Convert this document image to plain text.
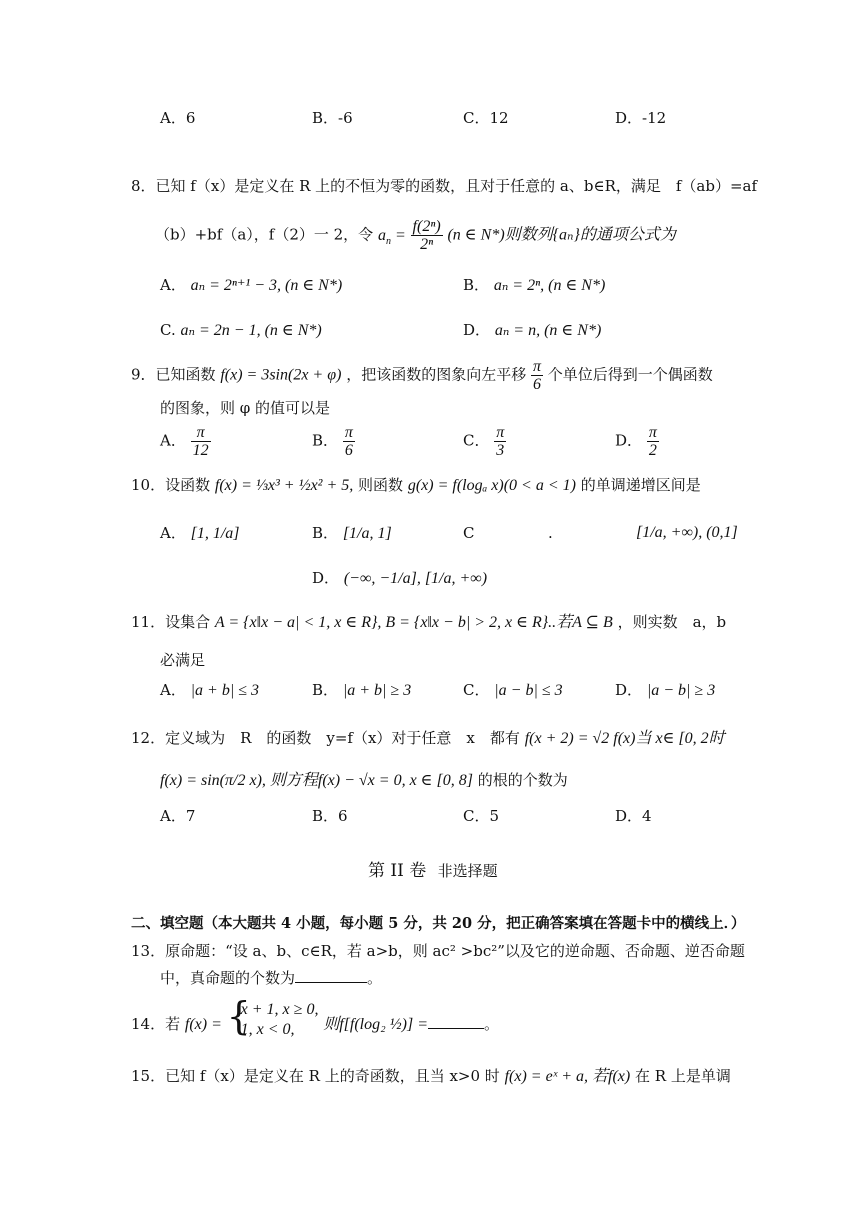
A．6	B．-6	C．12	D．-12
8．已知 f（x）是定义在 R 上的不恒为零的函数，且对于任意的 a、b∈R，满足　f（ab）=af
（b）+bf（a），f（2）一 2，令 $a_n = \frac{\text{f(2ⁿ)}}{\text{2ⁿ}} (n$ ∈ N*)则数列{aₙ}的通项公式为
A． aₙ = 2ⁿ⁺¹ − 3, (n ∈ N*)	B． aₙ = 2ⁿ, (n ∈ N*)
C. aₙ = 2n − 1, (n ∈ N*)	D． aₙ = n, (n ∈ N*)
9．已知函数 f(x) = 3sin(2x + φ) ，把该函数的图象向左平移 $\frac{\pi}{6}$ 个单位后得到一个偶函数
的图象，则 φ 的值可以是
A． $\frac{\pi}{12}$	B． $\frac{\pi}{6}$	C． $\frac{\pi}{3}$	D． $\frac{\pi}{2}$
10．设函数 f(x) = ⅓x³ + ½x² + 5, 则函数 g(x) = f(logₐ x)(0 < a < 1) 的单调递增区间是
A． [1, 1/a]	B． [1/a, 1]	C	.	[1/a, +∞), (0,1]
D． (−∞, −1/a], [1/a, +∞)
11．设集合 A = {x‖x − a| < 1, x ∈ R}, B = {x‖x − b| > 2, x ∈ R}..若A ⊆ B ，则实数　a，b
必满足
A． |a + b| ≤ 3	B． |a + b| ≥ 3	C． |a − b| ≤ 3	D． |a − b| ≥ 3
12．定义域为　R　的函数　y=f（x）对于任意　x　都有 f(x + 2) = √2 f(x)当 x∈ [0, 2时
f(x) = sin(π/2 x), 则方程f(x) − √x = 0, x ∈ [0, 8] 的根的个数为
A．7	B．6	C．5	D．4
第 II 卷 非选择题
二、填空题（本大题共 4 小题，每小题 5 分，共 20 分，把正确答案填在答题卡中的横线上．）
13．原命题：“设 a、b、c∈R，若 a>b，则 ac² >bc²”以及它的逆命题、否命题、逆否命题
中，真命题的个数为	。
14．若 f(x) = {
x + 1, x ≥ 0,
1, x < 0,	则f[f(log₂ ½)] =	。
15．已知 f（x）是定义在 R 上的奇函数，且当 x>0 时 f(x) = eˣ + a, 若f(x) 在 R 上是单调
